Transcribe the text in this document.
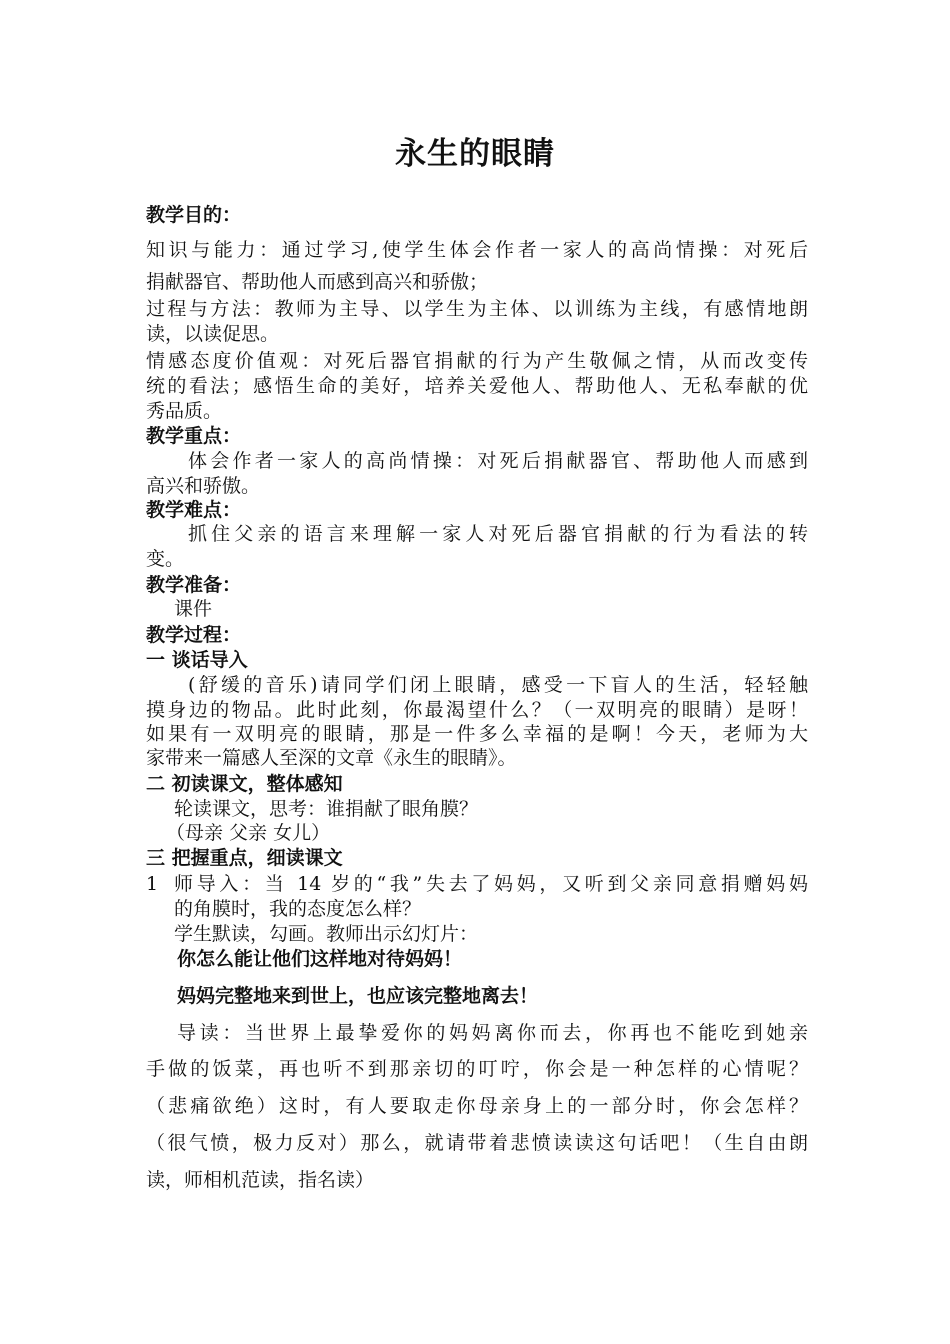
永生的眼睛
教学目的：
知识与能力：通过学习,使学生体会作者一家人的高尚情操：对死后
捐献器官、帮助他人而感到高兴和骄傲；
过程与方法：教师为主导、以学生为主体、以训练为主线，有感情地朗
读，以读促思。
情感态度价值观：对死后器官捐献的行为产生敬佩之情，从而改变传
统的看法；感悟生命的美好，培养关爱他人、帮助他人、无私奉献的优
秀品质。
教学重点：
体会作者一家人的高尚情操：对死后捐献器官、帮助他人而感到
高兴和骄傲。
教学难点：
抓住父亲的语言来理解一家人对死后器官捐献的行为看法的转
变。
教学准备：
课件
教学过程：
一 谈话导入
(舒缓的音乐)请同学们闭上眼睛，感受一下盲人的生活，轻轻触
摸身边的物品。此时此刻，你最渴望什么？（一双明亮的眼睛）是呀！
如果有一双明亮的眼睛，那是一件多么幸福的是啊！今天，老师为大
家带来一篇感人至深的文章《永生的眼睛》。
二 初读课文，整体感知
轮读课文，思考：谁捐献了眼角膜？
（母亲 父亲 女儿）
三 把握重点，细读课文
1 师导入：当 14 岁的“我”失去了妈妈，又听到父亲同意捐赠妈妈
的角膜时，我的态度怎么样？
学生默读，勾画。教师出示幻灯片：
你怎么能让他们这样地对待妈妈！
妈妈完整地来到世上，也应该完整地离去！
导读：当世界上最挚爱你的妈妈离你而去，你再也不能吃到她亲
手做的饭菜，再也听不到那亲切的叮咛，你会是一种怎样的心情呢？
（悲痛欲绝）这时，有人要取走你母亲身上的一部分时，你会怎样？
（很气愤，极力反对）那么，就请带着悲愤读读这句话吧！（生自由朗
读，师相机范读，指名读）
